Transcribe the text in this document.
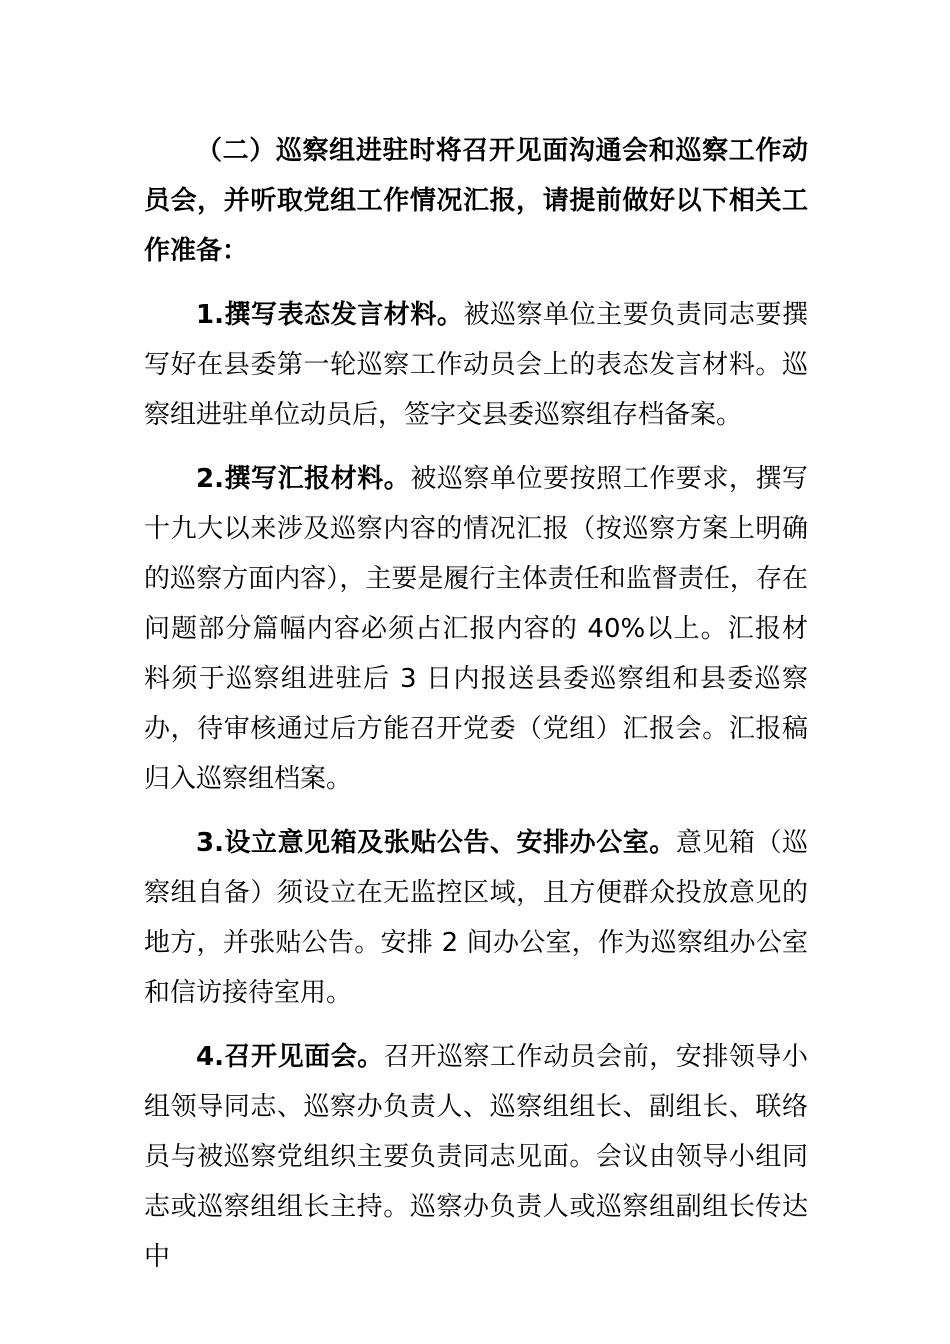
（二）巡察组进驻时将召开见面沟通会和巡察工作动员会，并听取党组工作情况汇报，请提前做好以下相关工作准备：

1.撰写表态发言材料。被巡察单位主要负责同志要撰写好在县委第一轮巡察工作动员会上的表态发言材料。巡察组进驻单位动员后，签字交县委巡察组存档备案。

2.撰写汇报材料。被巡察单位要按照工作要求，撰写十九大以来涉及巡察内容的情况汇报（按巡察方案上明确的巡察方面内容），主要是履行主体责任和监督责任，存在问题部分篇幅内容必须占汇报内容的 40%以上。汇报材料须于巡察组进驻后 3 日内报送县委巡察组和县委巡察办，待审核通过后方能召开党委（党组）汇报会。汇报稿归入巡察组档案。

3.设立意见箱及张贴公告、安排办公室。意见箱（巡察组自备）须设立在无监控区域，且方便群众投放意见的地方，并张贴公告。安排 2 间办公室，作为巡察组办公室和信访接待室用。

4.召开见面会。召开巡察工作动员会前，安排领导小组领导同志、巡察办负责人、巡察组组长、副组长、联络员与被巡察党组织主要负责同志见面。会议由领导小组同志或巡察组组长主持。巡察办负责人或巡察组副组长传达中
